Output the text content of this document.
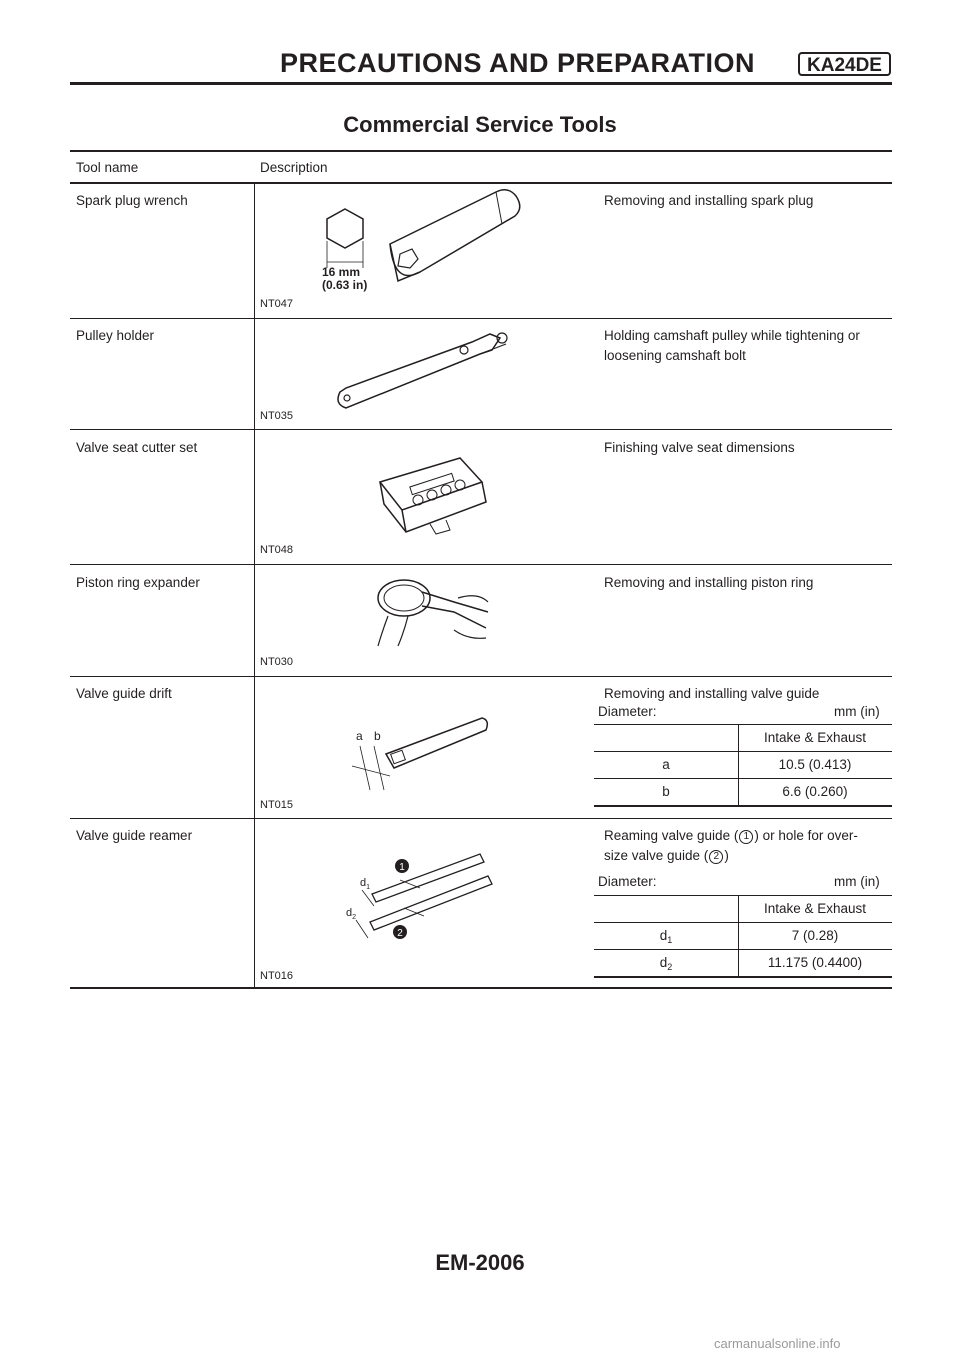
PRECAUTIONS AND PREPARATION	KA24DE
Commercial Service Tools
Tool name	Description
Spark plug wrench	Removing and installing spark plug
NT047
16 mm
(0.63 in)
Pulley holder	Holding camshaft pulley while tightening or
loosening camshaft bolt
NT035
Valve seat cutter set	Finishing valve seat dimensions
NT048
Piston ring expander	Removing and installing piston ring
NT030
Valve guide drift	Removing and installing valve guide
NT015
a b
Diameter:	mm (in)
Intake & Exhaust
a	10.5 (0.413)
b	6.6 (0.260)
Valve guide reamer	Reaming valve guide ( 1 ) or hole for over-
size valve guide ( 2 )
NT016
$d_1$
$d_2$
1
2
Diameter:	mm (in)
Intake & Exhaust
$d_1$	7 (0.28)
$d_2$	11.175 (0.4400)
EM-2006
carmanualsonline.info
